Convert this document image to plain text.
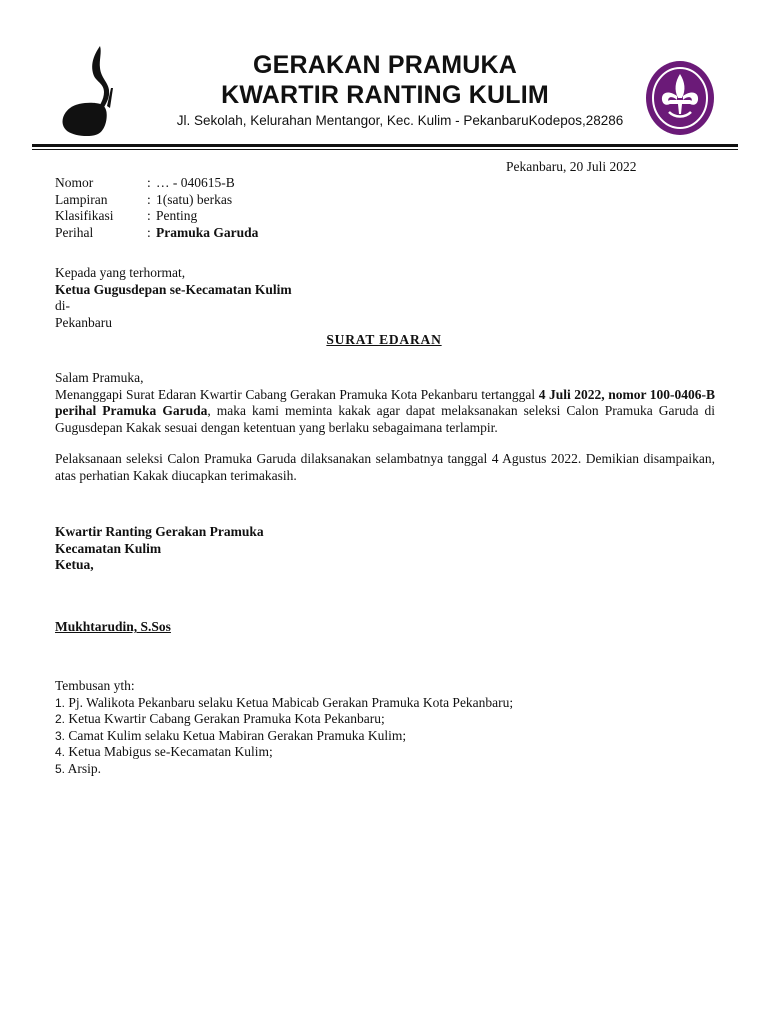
GERAKAN PRAMUKA
KWARTIR RANTING KULIM
Jl. Sekolah, Kelurahan Mentangor, Kec. Kulim - PekanbaruKodepos,28286
Pekanbaru, 20 Juli 2022
Nomor	: … - 040615-B
Lampiran	: 1(satu) berkas
Klasifikasi	: Penting
Perihal	: Pramuka Garuda
Kepada yang terhormat,
Ketua Gugusdepan se-Kecamatan Kulim
di-
Pekanbaru
SURAT EDARAN

Salam Pramuka,

Menanggapi Surat Edaran Kwartir Cabang Gerakan Pramuka Kota Pekanbaru tertanggal 4 Juli 2022, nomor 100-0406-B perihal Pramuka Garuda, maka kami meminta kakak agar dapat melaksanakan seleksi Calon Pramuka Garuda di Gugusdepan Kakak sesuai dengan ketentuan yang berlaku sebagaimana terlampir.

Pelaksanaan seleksi Calon Pramuka Garuda dilaksanakan selambatnya tanggal 4 Agustus 2022. Demikian disampaikan, atas perhatian Kakak diucapkan terimakasih.

Kwartir Ranting Gerakan Pramuka
Kecamatan Kulim
Ketua,
Mukhtarudin, S.Sos
Tembusan yth:
1. Pj. Walikota Pekanbaru selaku Ketua Mabicab Gerakan Pramuka Kota Pekanbaru;
2. Ketua Kwartir Cabang Gerakan Pramuka Kota Pekanbaru;
3. Camat Kulim selaku Ketua Mabiran Gerakan Pramuka Kulim;
4. Ketua Mabigus se-Kecamatan Kulim;
5. Arsip.
